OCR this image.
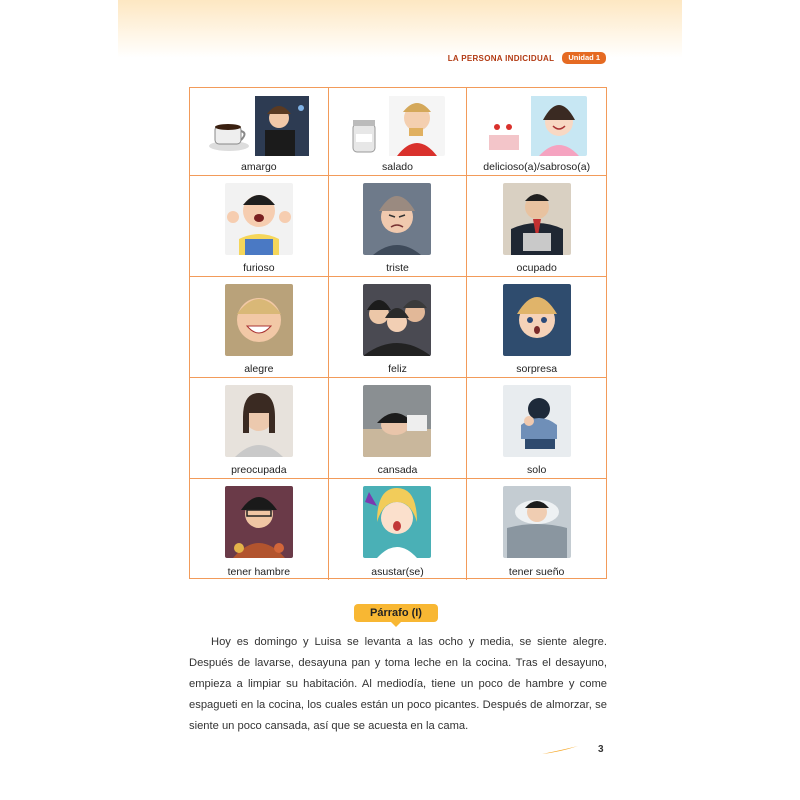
LA PERSONA INDICIDUAL	Unidad 1
amargo	salado	delicioso(a)/sabroso(a)
furioso	triste	ocupado
alegre	feliz	sorpresa
preocupada	cansada	solo
tener hambre	asustar(se)	tener sueño
Párrafo (I)

Hoy es domingo y Luisa se levanta a las ocho y media, se siente alegre. Después de lavarse, desayuna pan y toma leche en la cocina. Tras el desayuno, empieza a limpiar su habitación. Al mediodía, tiene un poco de hambre y come espagueti en la cocina, los cuales están un poco picantes. Después de almorzar, se siente un poco cansada, así que se acuesta en la cama.

3
